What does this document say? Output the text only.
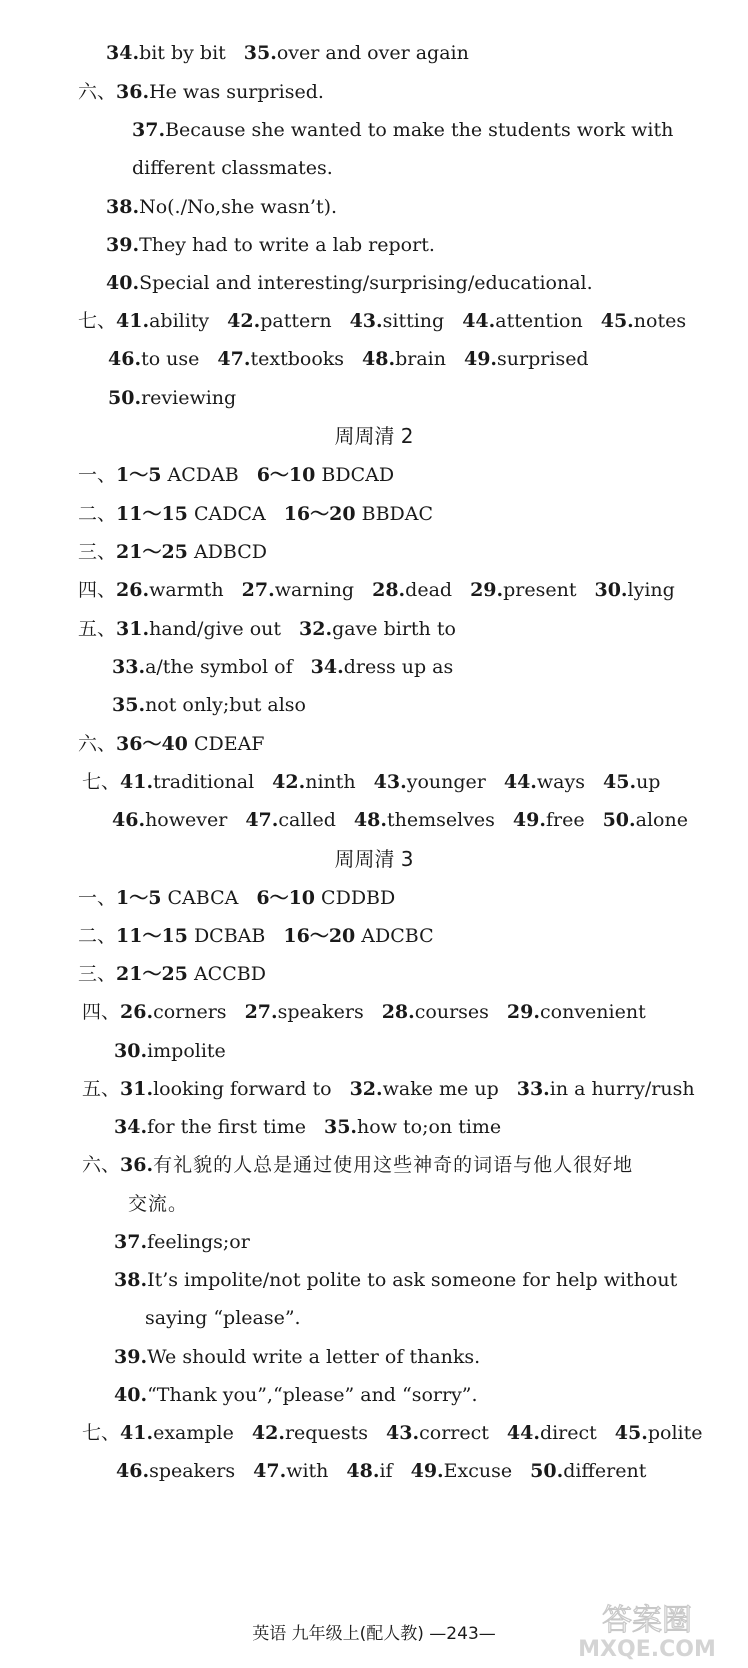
34.bit by bit 35.over and over again
六、36.He was surprised.
37.Because she wanted to make the students work with
different classmates.
38.No(./No,she wasn’t).
39.They had to write a lab report.
40.Special and interesting/surprising/educational.
七、41.ability 42.pattern 43.sitting 44.attention 45.notes
46.to use 47.textbooks 48.brain 49.surprised
50.reviewing
一、1～5 ACDAB 6～10 BDCAD
二、11～15 CADCA 16～20 BBDAC
三、21～25 ADBCD
四、26.warmth 27.warning 28.dead 29.present 30.lying
五、31.hand/give out 32.gave birth to
33.a/the symbol of 34.dress up as
35.not only;but also
六、36～40 CDEAF
七、41.traditional 42.ninth 43.younger 44.ways 45.up
46.however 47.called 48.themselves 49.free 50.alone
一、1～5 CABCA 6～10 CDDBD
二、11～15 DCBAB 16～20 ADCBC
三、21～25 ACCBD
四、26.corners 27.speakers 28.courses 29.convenient
30.impolite
五、31.looking forward to 32.wake me up 33.in a hurry/rush
34.for the first time 35.how to;on time
六、36.有礼貌的人总是通过使用这些神奇的词语与他人很好地
交流。
37.feelings;or
38.It’s impolite/not polite to ask someone for help without
saying “please”.
39.We should write a letter of thanks.
40.“Thank you”,“please” and “sorry”.
七、41.example 42.requests 43.correct 44.direct 45.polite
46.speakers 47.with 48.if 49.Excuse 50.different
周周清 2
周周清 3
英语 九年级上(配人教) —243—	答案圈
MXQE.COM
